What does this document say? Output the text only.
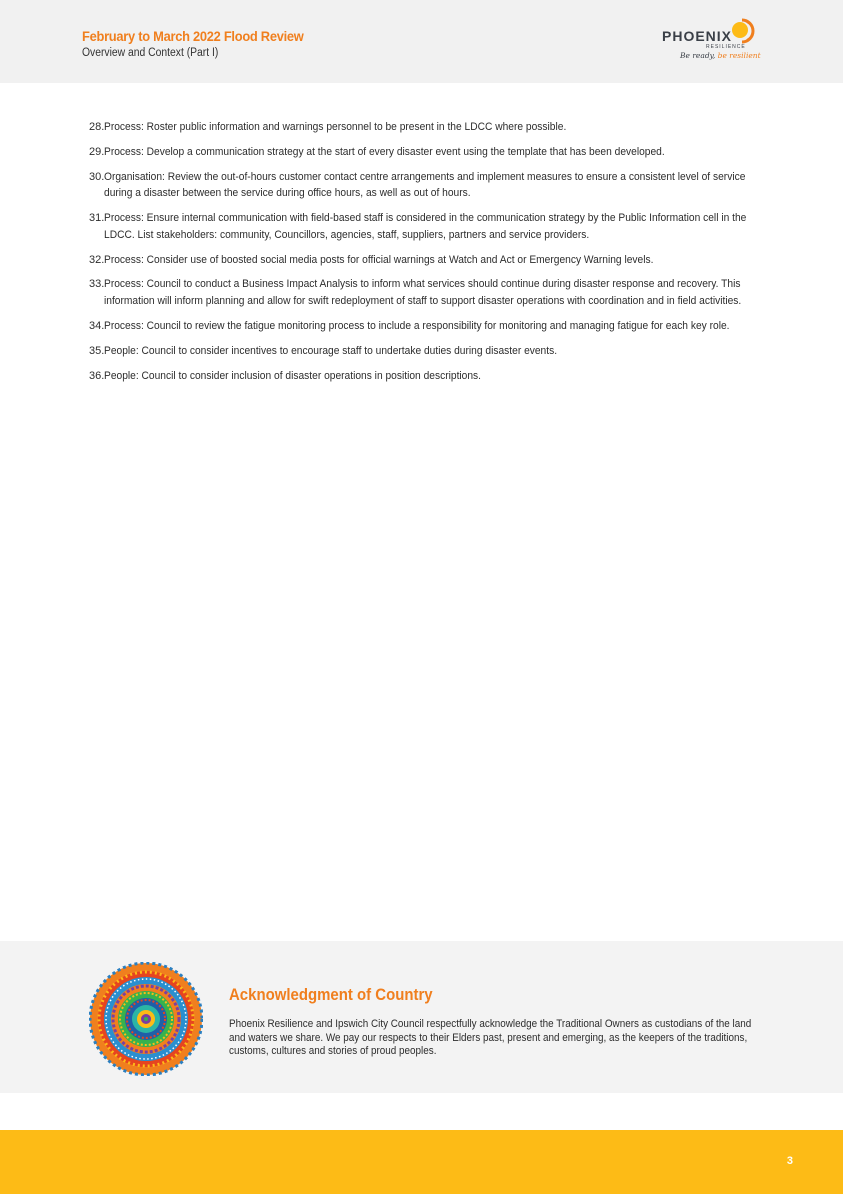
February to March 2022 Flood Review
Overview and Context (Part I)
PHOENIX
RESILIENCE
Be ready, be resilient
28. Process: Roster public information and warnings personnel to be present in the LDCC where possible.
29. Process: Develop a communication strategy at the start of every disaster event using the template that has been developed.
30. Organisation: Review the out-of-hours customer contact centre arrangements and implement measures to ensure a consistent level of service during a disaster between the service during office hours, as well as out of hours.
31. Process: Ensure internal communication with field-based staff is considered in the communication strategy by the Public Information cell in the LDCC. List stakeholders: community, Councillors, agencies, staff, suppliers, partners and service providers.
32. Process: Consider use of boosted social media posts for official warnings at Watch and Act or Emergency Warning levels.
33. Process: Council to conduct a Business Impact Analysis to inform what services should continue during disaster response and recovery. This information will inform planning and allow for swift redeployment of staff to support disaster operations with coordination and in field activities.
34. Process: Council to review the fatigue monitoring process to include a responsibility for monitoring and managing fatigue for each key role.
35. People: Council to consider incentives to encourage staff to undertake duties during disaster events.
36. People: Council to consider inclusion of disaster operations in position descriptions.
Acknowledgment of Country
Phoenix Resilience and Ipswich City Council respectfully acknowledge the Traditional Owners as custodians of the land and waters we share. We pay our respects to their Elders past, present and emerging, as the keepers of the traditions, customs, cultures and stories of proud peoples.
3
